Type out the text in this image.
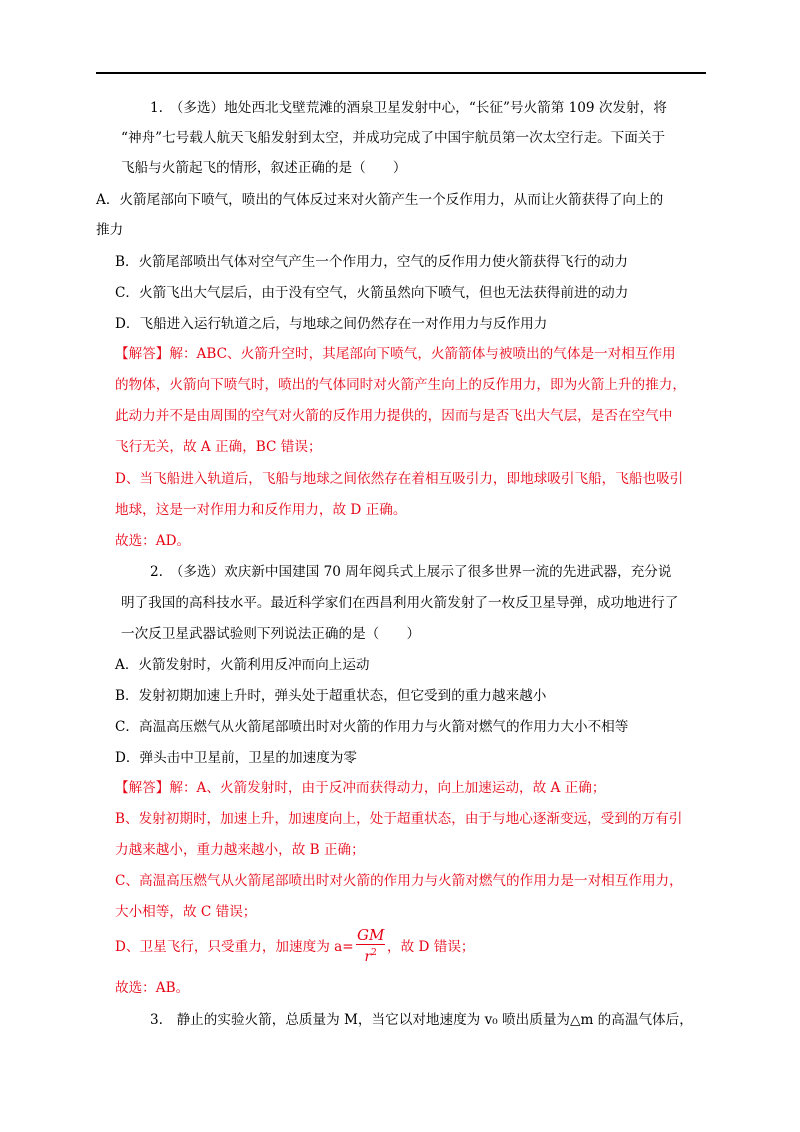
1.　（多选）地处西北戈壁荒滩的酒泉卫星发射中心，“长征”号火箭第 109 次发射，将
“神舟”七号载人航天飞船发射到太空，并成功完成了中国宇航员第一次太空行走。下面关于
飞船与火箭起飞的情形，叙述正确的是（　　）
A．火箭尾部向下喷气，喷出的气体反过来对火箭产生一个反作用力，从而让火箭获得了向上的
推力
B．火箭尾部喷出气体对空气产生一个作用力，空气的反作用力使火箭获得飞行的动力
C．火箭飞出大气层后，由于没有空气，火箭虽然向下喷气，但也无法获得前进的动力
D．飞船进入运行轨道之后，与地球之间仍然存在一对作用力与反作用力
【解答】解：ABC、火箭升空时，其尾部向下喷气，火箭箭体与被喷出的气体是一对相互作用
的物体，火箭向下喷气时，喷出的气体同时对火箭产生向上的反作用力，即为火箭上升的推力，
此动力并不是由周围的空气对火箭的反作用力提供的，因而与是否飞出大气层，是否在空气中
飞行无关，故 A 正确，BC 错误；
D、当飞船进入轨道后，飞船与地球之间依然存在着相互吸引力，即地球吸引飞船，飞船也吸引
地球，这是一对作用力和反作用力，故 D 正确。
故选：AD。
2.　（多选）欢庆新中国建国 70 周年阅兵式上展示了很多世界一流的先进武器，充分说
明了我国的高科技水平。最近科学家们在西昌利用火箭发射了一枚反卫星导弹，成功地进行了
一次反卫星武器试验则下列说法正确的是（　　）
A．火箭发射时，火箭利用反冲而向上运动
B．发射初期加速上升时，弹头处于超重状态，但它受到的重力越来越小
C．高温高压燃气从火箭尾部喷出时对火箭的作用力与火箭对燃气的作用力大小不相等
D．弹头击中卫星前，卫星的加速度为零
【解答】解：A、火箭发射时，由于反冲而获得动力，向上加速运动，故 A 正确；
B、发射初期时，加速上升，加速度向上，处于超重状态，由于与地心逐渐变远，受到的万有引
力越来越小，重力越来越小，故 B 正确；
C、高温高压燃气从火箭尾部喷出时对火箭的作用力与火箭对燃气的作用力是一对相互作用力，
大小相等，故 C 错误；
D、卫星飞行，只受重力，加速度为 a=
GM
$r^2$ ，故 D 错误；
故选：AB。
3.　静止的实验火箭，总质量为 M，当它以对地速度为 v₀ 喷出质量为△m 的高温气体后，
